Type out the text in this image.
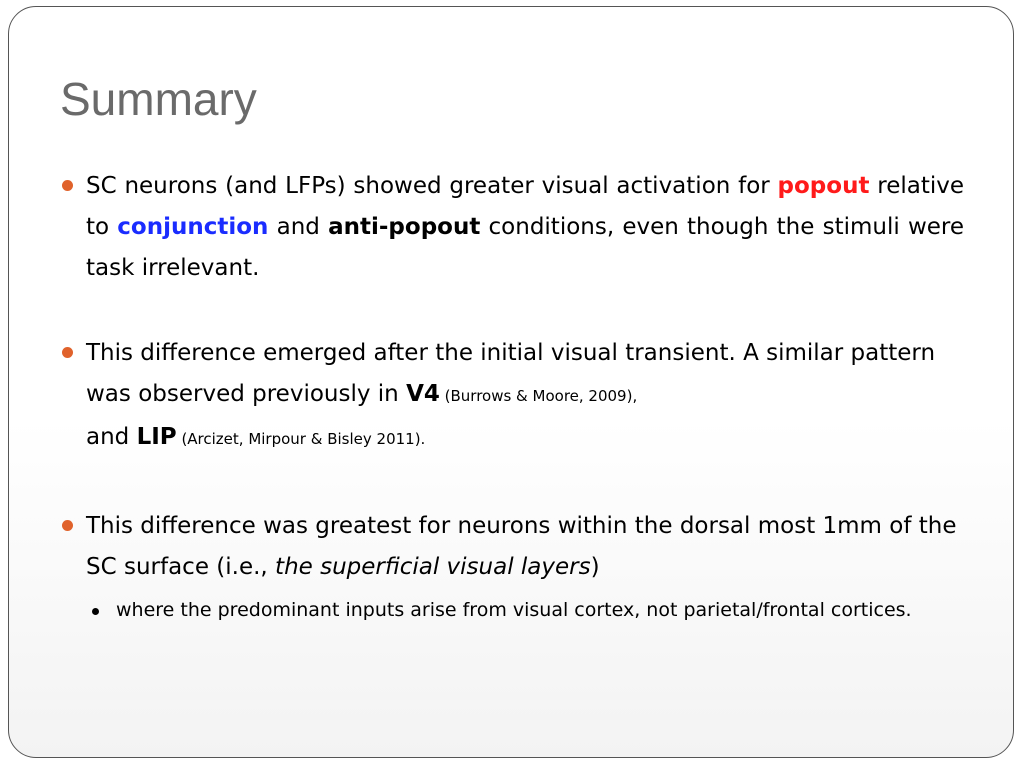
Summary
SC neurons (and LFPs) showed greater visual activation for popout relative to conjunction and anti-popout conditions, even though the stimuli were task irrelevant.
This difference emerged after the initial visual transient. A similar pattern was observed previously in V4 (Burrows & Moore, 2009),
and LIP (Arcizet, Mirpour & Bisley 2011).
This difference was greatest for neurons within the dorsal most 1mm of the SC surface (i.e., the superficial visual layers)
where the predominant inputs arise from visual cortex, not parietal/frontal cortices.
